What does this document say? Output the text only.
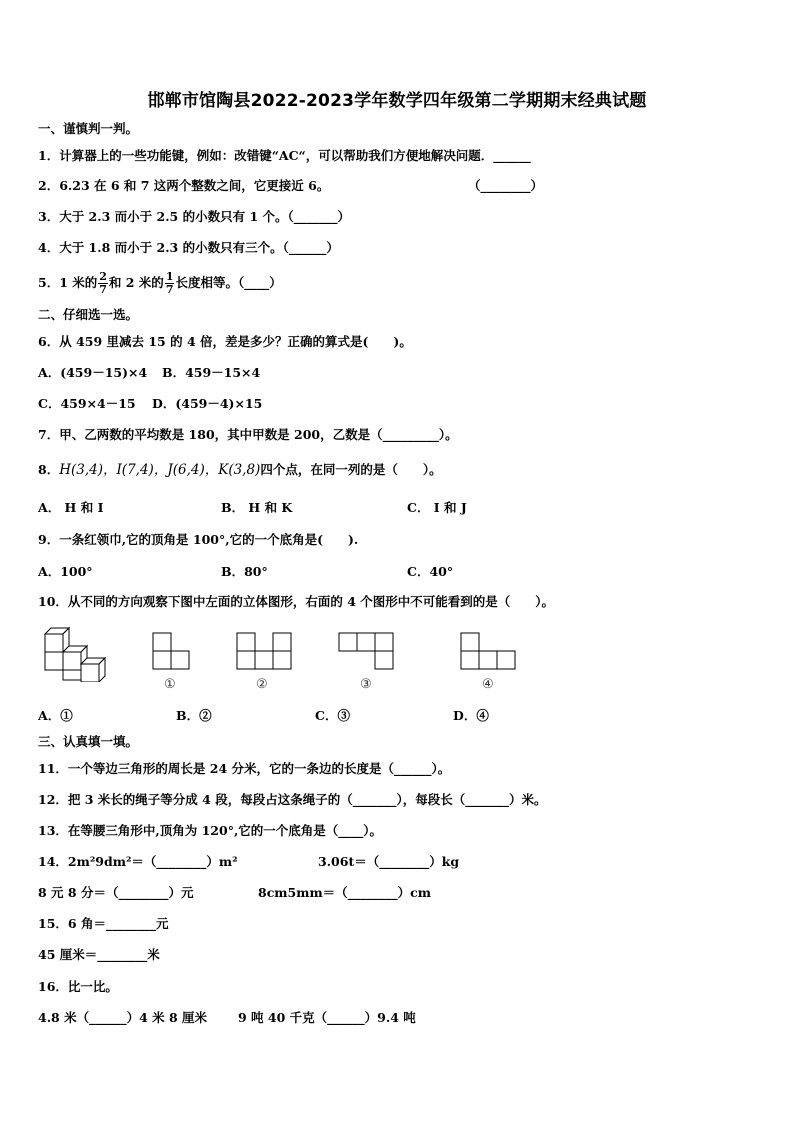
邯郸市馆陶县2022-2023学年数学四年级第二学期期末经典试题
一、谨慎判一判。
1．计算器上的一些功能键，例如：改错键“AC“，可以帮助我们方便地解决问题．______
2．6.23 在 6 和 7 这两个整数之间，它更接近 6。	（________）
3．大于 2.3 而小于 2.5 的小数只有 1 个。（_______）
4．大于 1.8 而小于 2.3 的小数只有三个。（______）
5．1 米的 $\frac{2}{7}$ 和 2 米的 $\frac{1}{7}$ 长度相等。（____）
二、仔细选一选。
6．从 459 里减去 15 的 4 倍，差是多少？正确的算式是(　　)。
A．(459－15)×4 B．459－15×4
C．459×4－15 D．(459－4)×15
7．甲、乙两数的平均数是 180，其中甲数是 200，乙数是（_________）。
8．H(3,4)，I(7,4)，J(6,4)，K(3,8)四个点，在同一列的是（　　）。
A． H 和 I	B． H 和 K	C． I 和 J
9．一条红领巾,它的顶角是 100°,它的一个底角是(　　).
A．100°	B．80°	C．40°
10．从不同的方向观察下图中左面的立体图形，右面的 4 个图形中不可能看到的是（　　）。
①	②	③	④
A．①	B．②	C．③	D．④
三、认真填一填。
11．一个等边三角形的周长是 24 分米，它的一条边的长度是（______）。
12．把 3 米长的绳子等分成 4 段，每段占这条绳子的（_______），每段长（_______）米。
13．在等腰三角形中,顶角为 120°,它的一个底角是（____）。
14．2m²9dm²＝（________）m²	3.06t＝（________）kg
8 元 8 分＝（________）元	8cm5mm＝（________）cm
15．6 角＝________元
45 厘米＝________米
16．比一比。
4.8 米（______）4 米 8 厘米 9 吨 40 千克（______）9.4 吨
